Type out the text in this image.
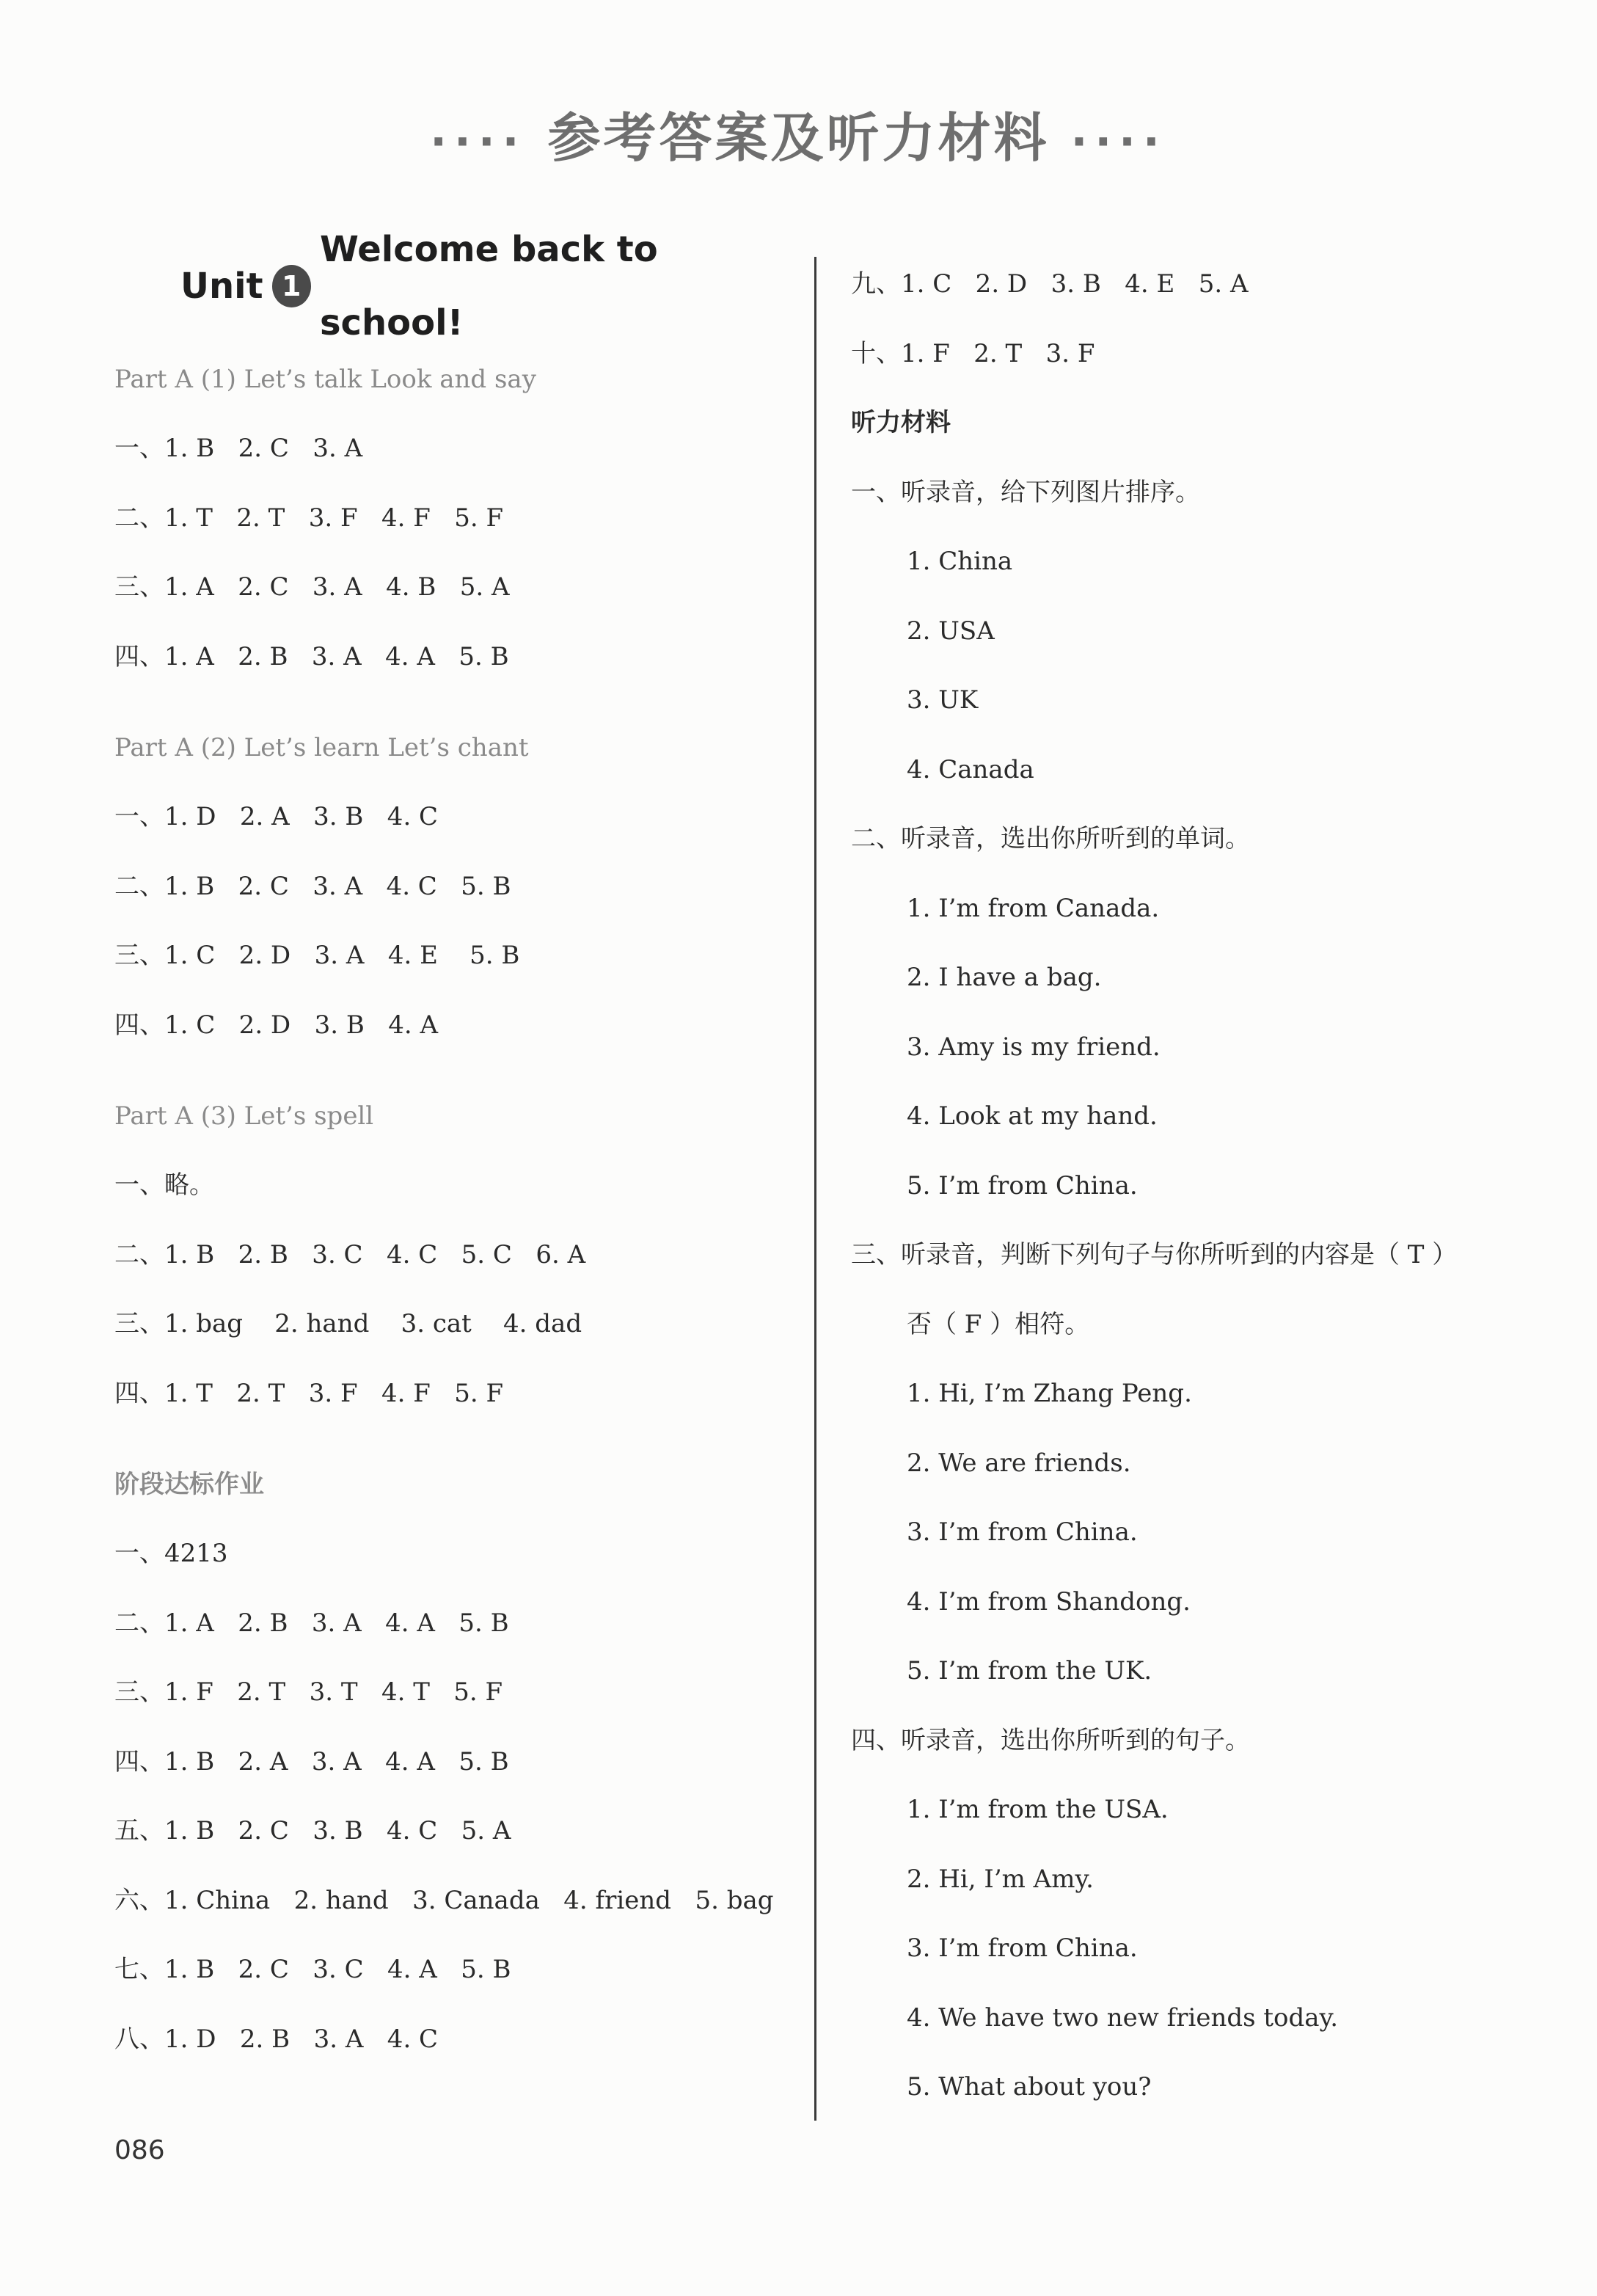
···· 参考答案及听力材料 ····
Unit 1
Welcome back to school!
Part A (1) Let’s talk Look and say
一、1. B   2. C   3. A
二、1. T   2. T   3. F   4. F   5. F
三、1. A   2. C   3. A   4. B   5. A
四、1. A   2. B   3. A   4. A   5. B
Part A (2) Let’s learn Let’s chant
一、1. D   2. A   3. B   4. C
二、1. B   2. C   3. A   4. C   5. B
三、1. C   2. D   3. A   4. E    5. B
四、1. C   2. D   3. B   4. A
Part A (3) Let’s spell
一、略。
二、1. B   2. B   3. C   4. C   5. C   6. A
三、1. bag    2. hand    3. cat    4. dad
四、1. T   2. T   3. F   4. F   5. F
阶段达标作业
一、4213
二、1. A   2. B   3. A   4. A   5. B
三、1. F   2. T   3. T   4. T   5. F
四、1. B   2. A   3. A   4. A   5. B
五、1. B   2. C   3. B   4. C   5. A
六、1. China   2. hand   3. Canada   4. friend   5. bag
七、1. B   2. C   3. C   4. A   5. B
八、1. D   2. B   3. A   4. C
九、1. C   2. D   3. B   4. E   5. A
十、1. F   2. T   3. F
听力材料
一、听录音，给下列图片排序。
1. China
2. USA
3. UK
4. Canada
二、听录音，选出你所听到的单词。
1. I’m from Canada.
2. I have a bag.
3. Amy is my friend.
4. Look at my hand.
5. I’m from China.
三、听录音，判断下列句子与你所听到的内容是（ T ）
否（ F ）相符。
1. Hi, I’m Zhang Peng.
2. We are friends.
3. I’m from China.
4. I’m from Shandong.
5. I’m from the UK.
四、听录音，选出你所听到的句子。
1. I’m from the USA.
2. Hi, I’m Amy.
3. I’m from China.
4. We have two new friends today.
5. What about you?
086
